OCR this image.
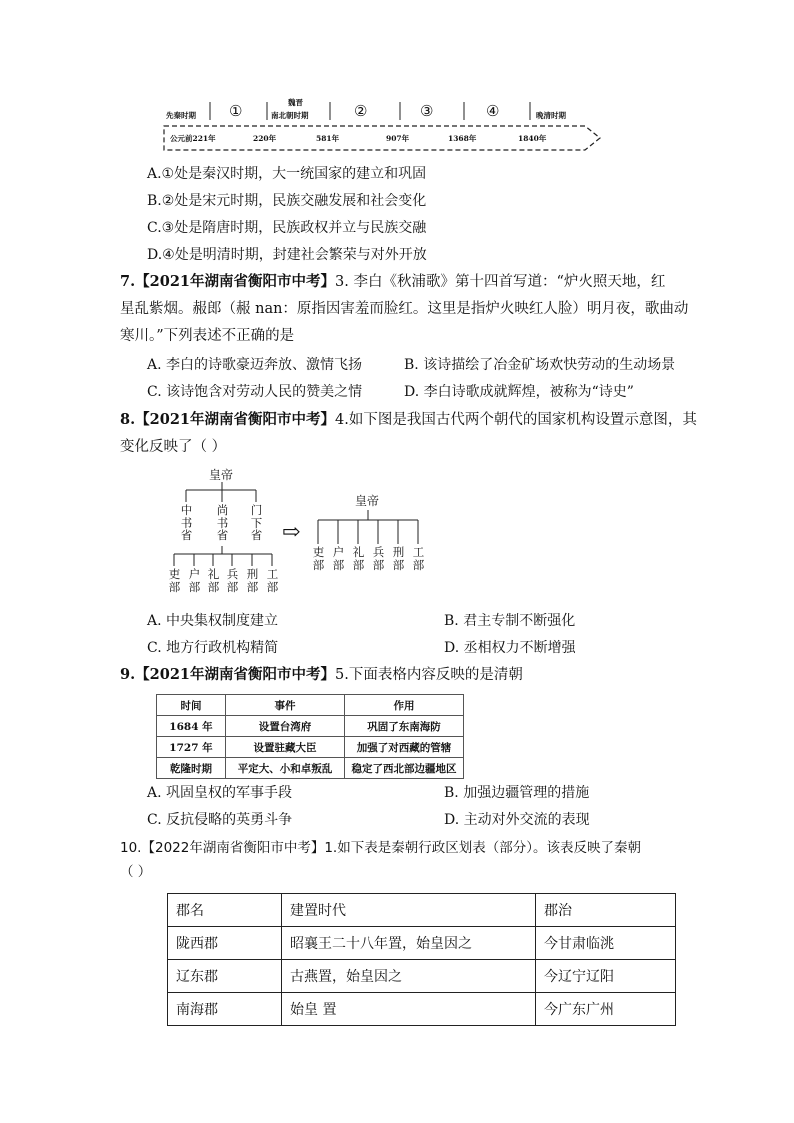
先秦时期 ①	魏晋
南北朝时期	②	③	④	晚清时期
公元前221年	220年	581年	907年	1368年	1840年
A.①处是秦汉时期，大一统国家的建立和巩固
B.②处是宋元时期，民族交融发展和社会变化
C.③处是隋唐时期，民族政权并立与民族交融
D.④处是明清时期，封建社会繁荣与对外开放
7.【2021年湖南省衡阳市中考】3. 李白《秋浦歌》第十四首写道：“炉火照天地，红
星乱紫烟。赧郎（赧 nan：原指因害羞而脸红。这里是指炉火映红人脸）明月夜，歌曲动
寒川。”下列表述不正确的是
A. 李白的诗歌豪迈奔放、激情飞扬	B. 该诗描绘了冶金矿场欢快劳动的生动场景
C. 该诗饱含对劳动人民的赞美之情	D. 李白诗歌成就辉煌，被称为“诗史”
8.【2021年湖南省衡阳市中考】4.如下图是我国古代两个朝代的国家机构设置示意图，其
变化反映了（ ）
皇帝
⇨
皇帝
中书省
尚书省
门下省
吏部
户部
礼部
兵部
刑部
工部
吏部
户部
礼部
兵部
刑部
工部
A. 中央集权制度建立	B. 君主专制不断强化
C. 地方行政机构精简	D. 丞相权力不断增强
9.【2021年湖南省衡阳市中考】5.下面表格内容反映的是清朝
时间	事件	作用
1684 年	设置台湾府	巩固了东南海防
1727 年	设置驻藏大臣	加强了对西藏的管辖
乾隆时期	平定大、小和卓叛乱	稳定了西北部边疆地区
A. 巩固皇权的军事手段	B. 加强边疆管理的措施
C. 反抗侵略的英勇斗争	D. 主动对外交流的表现
10.【2022年湖南省衡阳市中考】1.如下表是秦朝行政区划表（部分）。该表反映了秦朝
（ ）
郡名	建置时代	郡治
陇西郡	昭襄王二十八年置，始皇因之	今甘肃临洮
辽东郡	古燕置，始皇因之	今辽宁辽阳
南海郡	始皇 置	今广东广州
